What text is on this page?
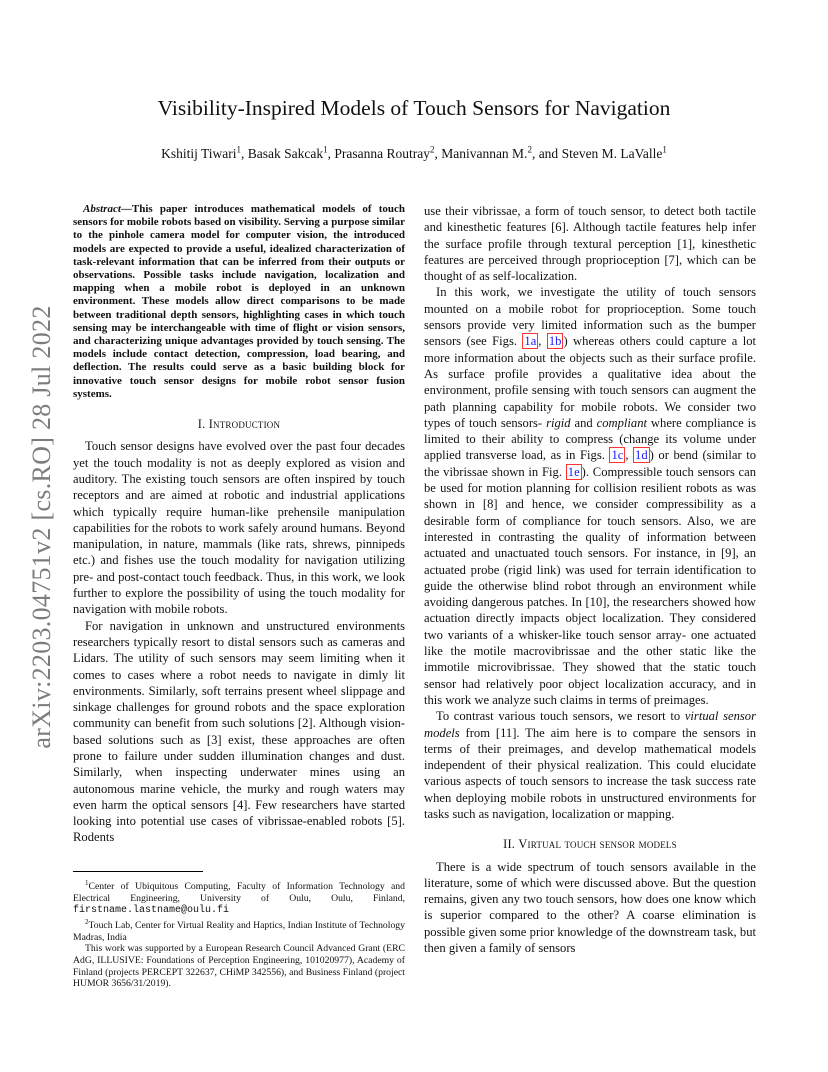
arXiv:2203.04751v2 [cs.RO] 28 Jul 2022
Visibility-Inspired Models of Touch Sensors for Navigation
Kshitij Tiwari$^1$, Basak Sakcak$^1$, Prasanna Routray$^2$, Manivannan M.$^2$, and Steven M. LaValle$^1$

Abstract—This paper introduces mathematical models of touch sensors for mobile robots based on visibility. Serving a purpose similar to the pinhole camera model for computer vision, the introduced models are expected to provide a useful, idealized characterization of task-relevant information that can be inferred from their outputs or observations. Possible tasks include navigation, localization and mapping when a mobile robot is deployed in an unknown environment. These models allow direct comparisons to be made between traditional depth sensors, highlighting cases in which touch sensing may be interchangeable with time of flight or vision sensors, and characterizing unique advantages provided by touch sensing. The models include contact detection, compression, load bearing, and deflection. The results could serve as a basic building block for innovative touch sensor designs for mobile robot sensor fusion systems.

I. Introduction

Touch sensor designs have evolved over the past four decades yet the touch modality is not as deeply explored as vision and auditory. The existing touch sensors are often inspired by touch receptors and are aimed at robotic and industrial applications which typically require human-like prehensile manipulation capabilities for the robots to work safely around humans. Beyond manipulation, in nature, mammals (like rats, shrews, pinnipeds etc.) and fishes use the touch modality for navigation utilizing pre- and post-contact touch feedback. Thus, in this work, we look further to explore the possibility of using the touch modality for navigation with mobile robots.

For navigation in unknown and unstructured environments researchers typically resort to distal sensors such as cameras and Lidars. The utility of such sensors may seem limiting when it comes to cases where a robot needs to navigate in dimly lit environments. Similarly, soft terrains present wheel slippage and sinkage challenges for ground robots and the space exploration community can benefit from such solutions [2]. Although vision-based solutions such as [3] exist, these approaches are often prone to failure under sudden illumination changes and dust. Similarly, when inspecting underwater mines using an autonomous marine vehicle, the murky and rough waters may even harm the optical sensors [4]. Few researchers have started looking into potential use cases of vibrissae-enabled robots [5]. Rodents

use their vibrissae, a form of touch sensor, to detect both tactile and kinesthetic features [6]. Although tactile features help infer the surface profile through textural perception [1], kinesthetic features are perceived through proprioception [7], which can be thought of as self-localization.

In this work, we investigate the utility of touch sensors mounted on a mobile robot for proprioception. Some touch sensors provide very limited information such as the bumper sensors (see Figs. 1a , 1b ) whereas others could capture a lot more information about the objects such as their surface profile. As surface profile provides a qualitative idea about the environment, profile sensing with touch sensors can augment the path planning capability for mobile robots. We consider two types of touch sensors- rigid and compliant where compliance is limited to their ability to compress (change its volume under applied transverse load, as in Figs. 1c , 1d ) or bend (similar to the vibrissae shown in Fig. 1e ). Compressible touch sensors can be used for motion planning for collision resilient robots as was shown in [8] and hence, we consider compressibility as a desirable form of compliance for touch sensors. Also, we are interested in contrasting the quality of information between actuated and unactuated touch sensors. For instance, in [9], an actuated probe (rigid link) was used for terrain identification to guide the otherwise blind robot through an environment while avoiding dangerous patches. In [10], the researchers showed how actuation directly impacts object localization. They considered two variants of a whisker-like touch sensor array- one actuated like the motile macrovibrissae and the other static like the immotile microvibrissae. They showed that the static touch sensor had relatively poor object localization accuracy, and in this work we analyze such claims in terms of preimages.

To contrast various touch sensors, we resort to virtual sensor models from [11]. The aim here is to compare the sensors in terms of their preimages, and develop mathematical models independent of their physical realization. This could elucidate various aspects of touch sensors to increase the task success rate when deploying mobile robots in unstructured environments for tasks such as navigation, localization or mapping.

II. Virtual touch sensor models

There is a wide spectrum of touch sensors available in the literature, some of which were discussed above. But the question remains, given any two touch sensors, how does one know which is superior compared to the other? A coarse elimination is possible given some prior knowledge of the downstream task, but then given a family of sensors

$^1$Center of Ubiquitous Computing, Faculty of Information Technology and Electrical Engineering, University of Oulu, Oulu, Finland, firstname.lastname@oulu.fi

$^2$Touch Lab, Center for Virtual Reality and Haptics, Indian Institute of Technology Madras, India

This work was supported by a European Research Council Advanced Grant (ERC AdG, ILLUSIVE: Foundations of Perception Engineering, 101020977), Academy of Finland (projects PERCEPT 322637, CHiMP 342556), and Business Finland (project HUMOR 3656/31/2019).
